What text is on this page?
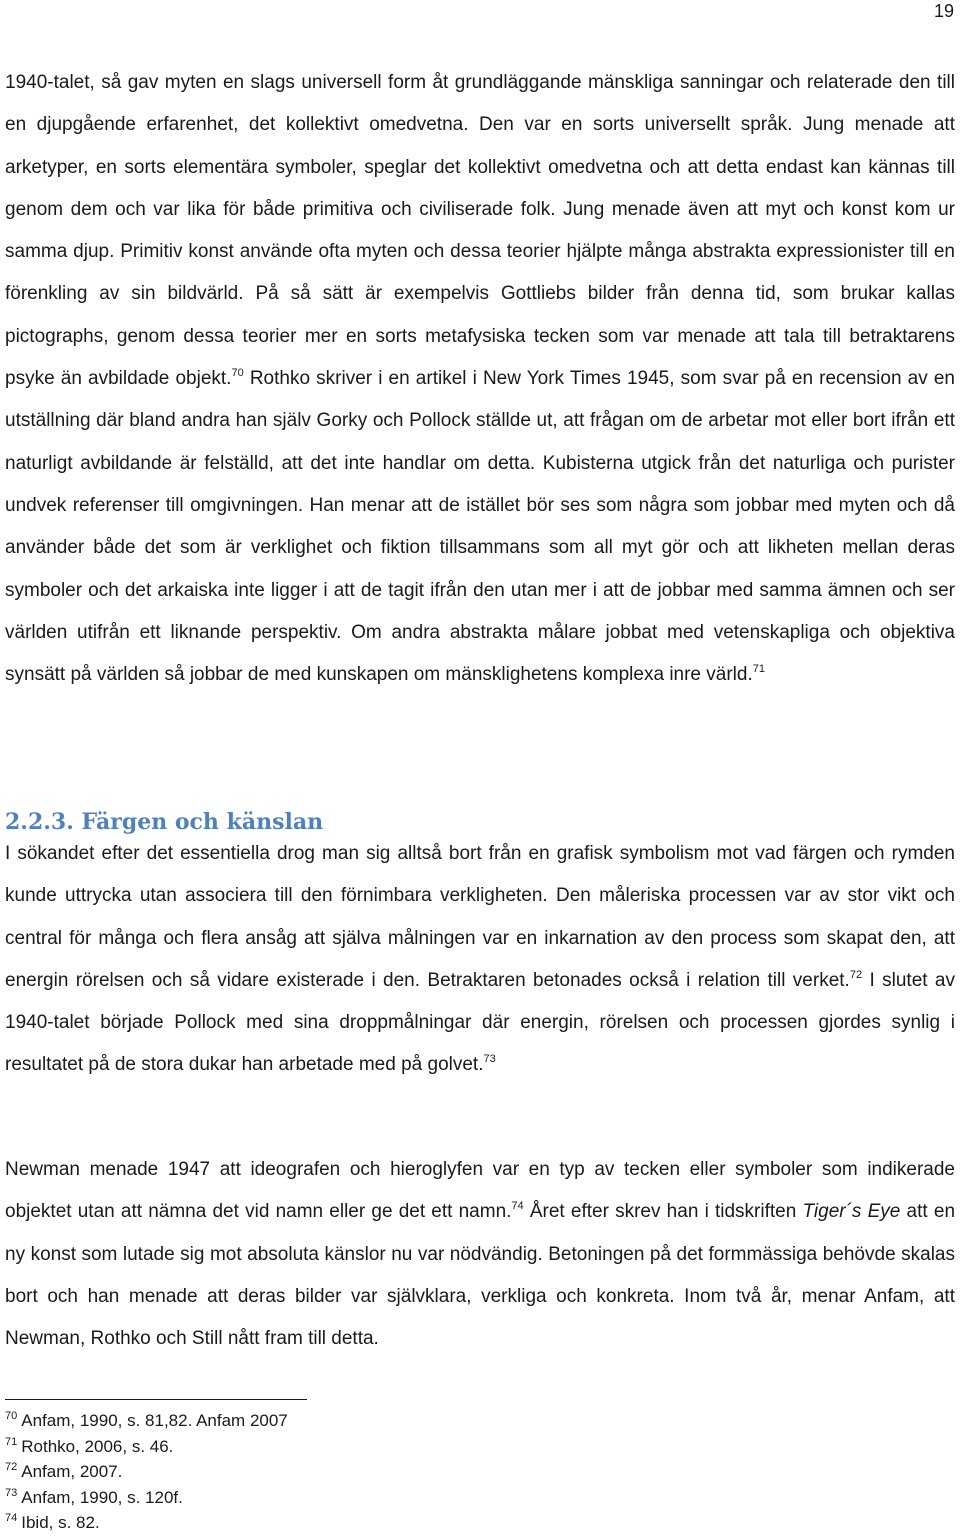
19

1940-talet, så gav myten en slags universell form åt grundläggande mänskliga sanningar och relaterade den till en djupgående erfarenhet, det kollektivt omedvetna. Den var en sorts universellt språk. Jung menade att arketyper, en sorts elementära symboler, speglar det kollektivt omedvetna och att detta endast kan kännas till genom dem och var lika för både primitiva och civiliserade folk. Jung menade även att myt och konst kom ur samma djup. Primitiv konst använde ofta myten och dessa teorier hjälpte många abstrakta expressionister till en förenkling av sin bildvärld. På så sätt är exempelvis Gottliebs bilder från denna tid, som brukar kallas pictographs, genom dessa teorier mer en sorts metafysiska tecken som var menade att tala till betraktarens psyke än avbildade objekt.$^{70}$ Rothko skriver i en artikel i New York Times 1945, som svar på en recension av en utställning där bland andra han själv Gorky och Pollock ställde ut, att frågan om de arbetar mot eller bort ifrån ett naturligt avbildande är felställd, att det inte handlar om detta. Kubisterna utgick från det naturliga och purister undvek referenser till omgivningen. Han menar att de istället bör ses som några som jobbar med myten och då använder både det som är verklighet och fiktion tillsammans som all myt gör och att likheten mellan deras symboler och det arkaiska inte ligger i att de tagit ifrån den utan mer i att de jobbar med samma ämnen och ser världen utifrån ett liknande perspektiv. Om andra abstrakta målare jobbat med vetenskapliga och objektiva synsätt på världen så jobbar de med kunskapen om mänsklighetens komplexa inre värld.$^{71}$

2.2.3. Färgen och känslan

I sökandet efter det essentiella drog man sig alltså bort från en grafisk symbolism mot vad färgen och rymden kunde uttrycka utan associera till den förnimbara verkligheten. Den måleriska processen var av stor vikt och central för många och flera ansåg att själva målningen var en inkarnation av den process som skapat den, att energin rörelsen och så vidare existerade i den. Betraktaren betonades också i relation till verket.$^{72}$ I slutet av 1940-talet började Pollock med sina droppmålningar där energin, rörelsen och processen gjordes synlig i resultatet på de stora dukar han arbetade med på golvet.$^{73}$

Newman menade 1947 att ideografen och hieroglyfen var en typ av tecken eller symboler som indikerade objektet utan att nämna det vid namn eller ge det ett namn.$^{74}$ Året efter skrev han i tidskriften Tiger´s Eye att en ny konst som lutade sig mot absoluta känslor nu var nödvändig. Betoningen på det formmässiga behövde skalas bort och han menade att deras bilder var självklara, verkliga och konkreta. Inom två år, menar Anfam, att Newman, Rothko och Still nått fram till detta.

$^{70}$ Anfam, 1990, s. 81,82. Anfam 2007
$^{71}$ Rothko, 2006, s. 46.
$^{72}$ Anfam, 2007.
$^{73}$ Anfam, 1990, s. 120f.
$^{74}$ Ibid, s. 82.
